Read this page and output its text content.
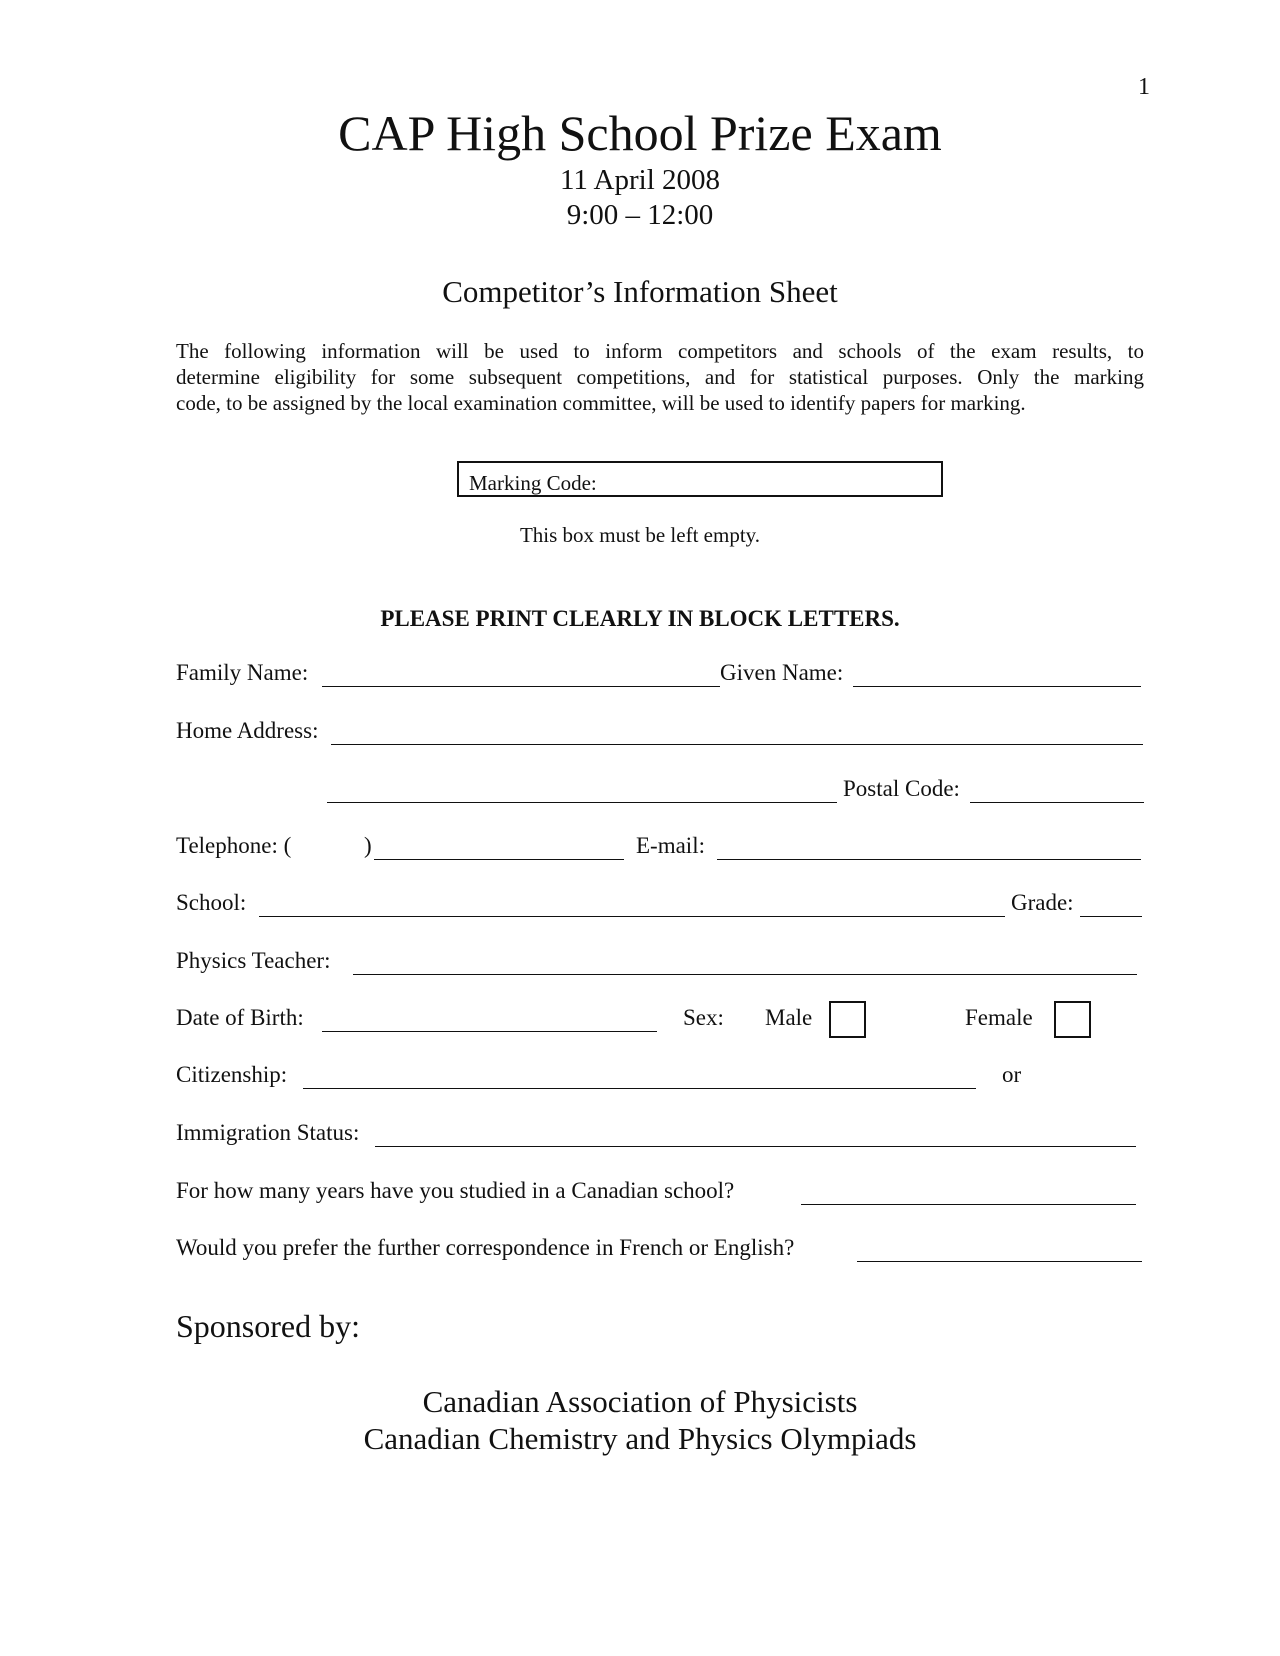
1
CAP High School Prize Exam
11 April 2008
9:00 – 12:00
Competitor’s Information Sheet
The following information will be used to inform competitors and schools of the exam results, to
determine eligibility for some subsequent competitions, and for statistical purposes. Only the marking
code, to be assigned by the local examination committee, will be used to identify papers for marking.
Marking Code:
This box must be left empty.
PLEASE PRINT CLEARLY IN BLOCK LETTERS.
Family Name:	Given Name:
Home Address:
Postal Code:
Telephone: (	)	E-mail:
School:	Grade:
Physics Teacher:
Date of Birth:	Sex: Male	Female
Citizenship:	or
Immigration Status:
For how many years have you studied in a Canadian school?
Would you prefer the further correspondence in French or English?
Sponsored by:
Canadian Association of Physicists
Canadian Chemistry and Physics Olympiads
